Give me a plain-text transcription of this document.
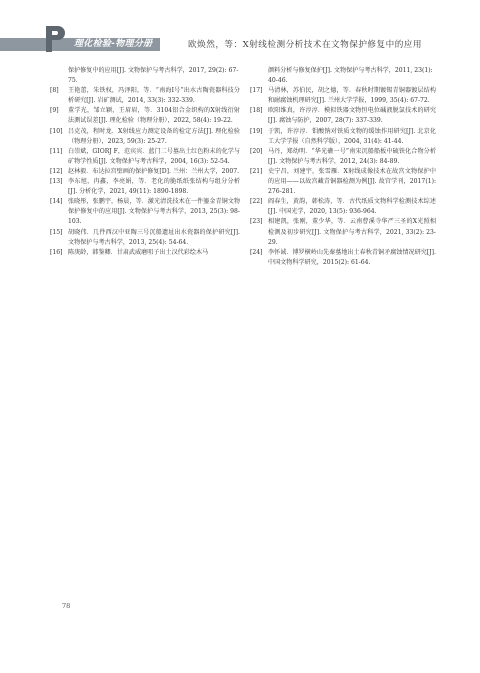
理化检验-物理分册	欧焕然，等：X射线检测分析技术在文物保护修复中的应用
保护修复中的应用[J]. 文物保护与考古科学，2017, 29(2): 67-75.
[8]	王艳蕾，朱铁权，冯泽阳，等．“南海Ⅰ号”出水古陶瓷器科技分析研究[J]. 岩矿测试，2014, 33(3): 332-339.
[9]	董学光，邹立颖，王眉眉，等．3104铝合金织构的X射线衍射法测试误差[J]. 理化检验（物理分册），2022, 58(4): 19-22.
[10] 吕克茂，程时龙．X射线应力测定设备的检定方法[J]. 理化检验（物理分册），2023, 59(3): 25-27.
[11] 白崇斌，GIORJ F，范宾宾．蓝门二号墓出土红色粉末的化学与矿物学性质[J]. 文物保护与考古科学，2004, 16(3): 52-54.
[12] 赵林毅．布达拉宫壁画的保护修复[D]. 兰州：兰州大学，2007.
[13] 李东旭，冉鑫，李亮娟，等．老化的脆纸纸张结构与组分分析[J]. 分析化学，2021, 49(11): 1890-1898.
[14] 张晓彤，张鹏宇，杨晨，等．激光清洗技术在一件鎏金青铜文物保护修复中的应用[J]. 文物保护与考古科学，2013, 25(3): 98-103.
[15] 胡晓伟．几件西汉中亚陶三号沉船遗址出水瓷器的保护研究[J]. 文物保护与考古科学，2013, 25(4): 54-64.
[16] 陈庚龄，韩鉴卿．甘肃武威磨咀子出土汉代彩绘木马
颜料分析与修复保护[J]. 文物保护与考古科学，2011, 23(1): 40-46.
[17] 马清林，苏伯民，胡之德，等．春秋时期镀锡青铜器镀层结构和耐腐蚀机理研究[J]. 兰州大学学报，1999, 35(4): 67-72.
[18] 欧阳维真，许淳淳．模拟铁器文物恒电位碱液脱氯技术的研究[J]. 腐蚀与防护，2007, 28(7): 337-339.
[19] 于凯，许淳淳．钼酸钠对铁质文物的缓蚀作用研究[J]. 北京化工大学学报（自然科学版），2004, 31(4): 41-44.
[20] 马丹，郑幼明．“华光礁一号”南宋沉船船板中硫铁化合物分析[J]. 文物保护与考古科学，2012, 24(3): 84-89.
[21] 史宁昌，刘建宇，张雪雁．X射线成像技术在故宫文物保护中的应用——以故宫藏青铜器检测为例[J]. 故宫学刊，2017(1): 276-281.
[22] 阎春生，黄韵，韩松涛，等．古代纸质文物科学检测技术综述[J]. 中国光学，2020, 13(5): 936-964.
[23] 相建凯，张刚，董少华，等．云南曹溪寺华严三圣的X光照相检测及初步研究[J]. 文物保护与考古科学，2021, 33(2): 23-29.
[24] 李怀诚．博罗横岭山先秦墓地出土春秋青铜矛腐蚀情况研究[J]. 中国文物科学研究，2015(2): 61-64.
78
